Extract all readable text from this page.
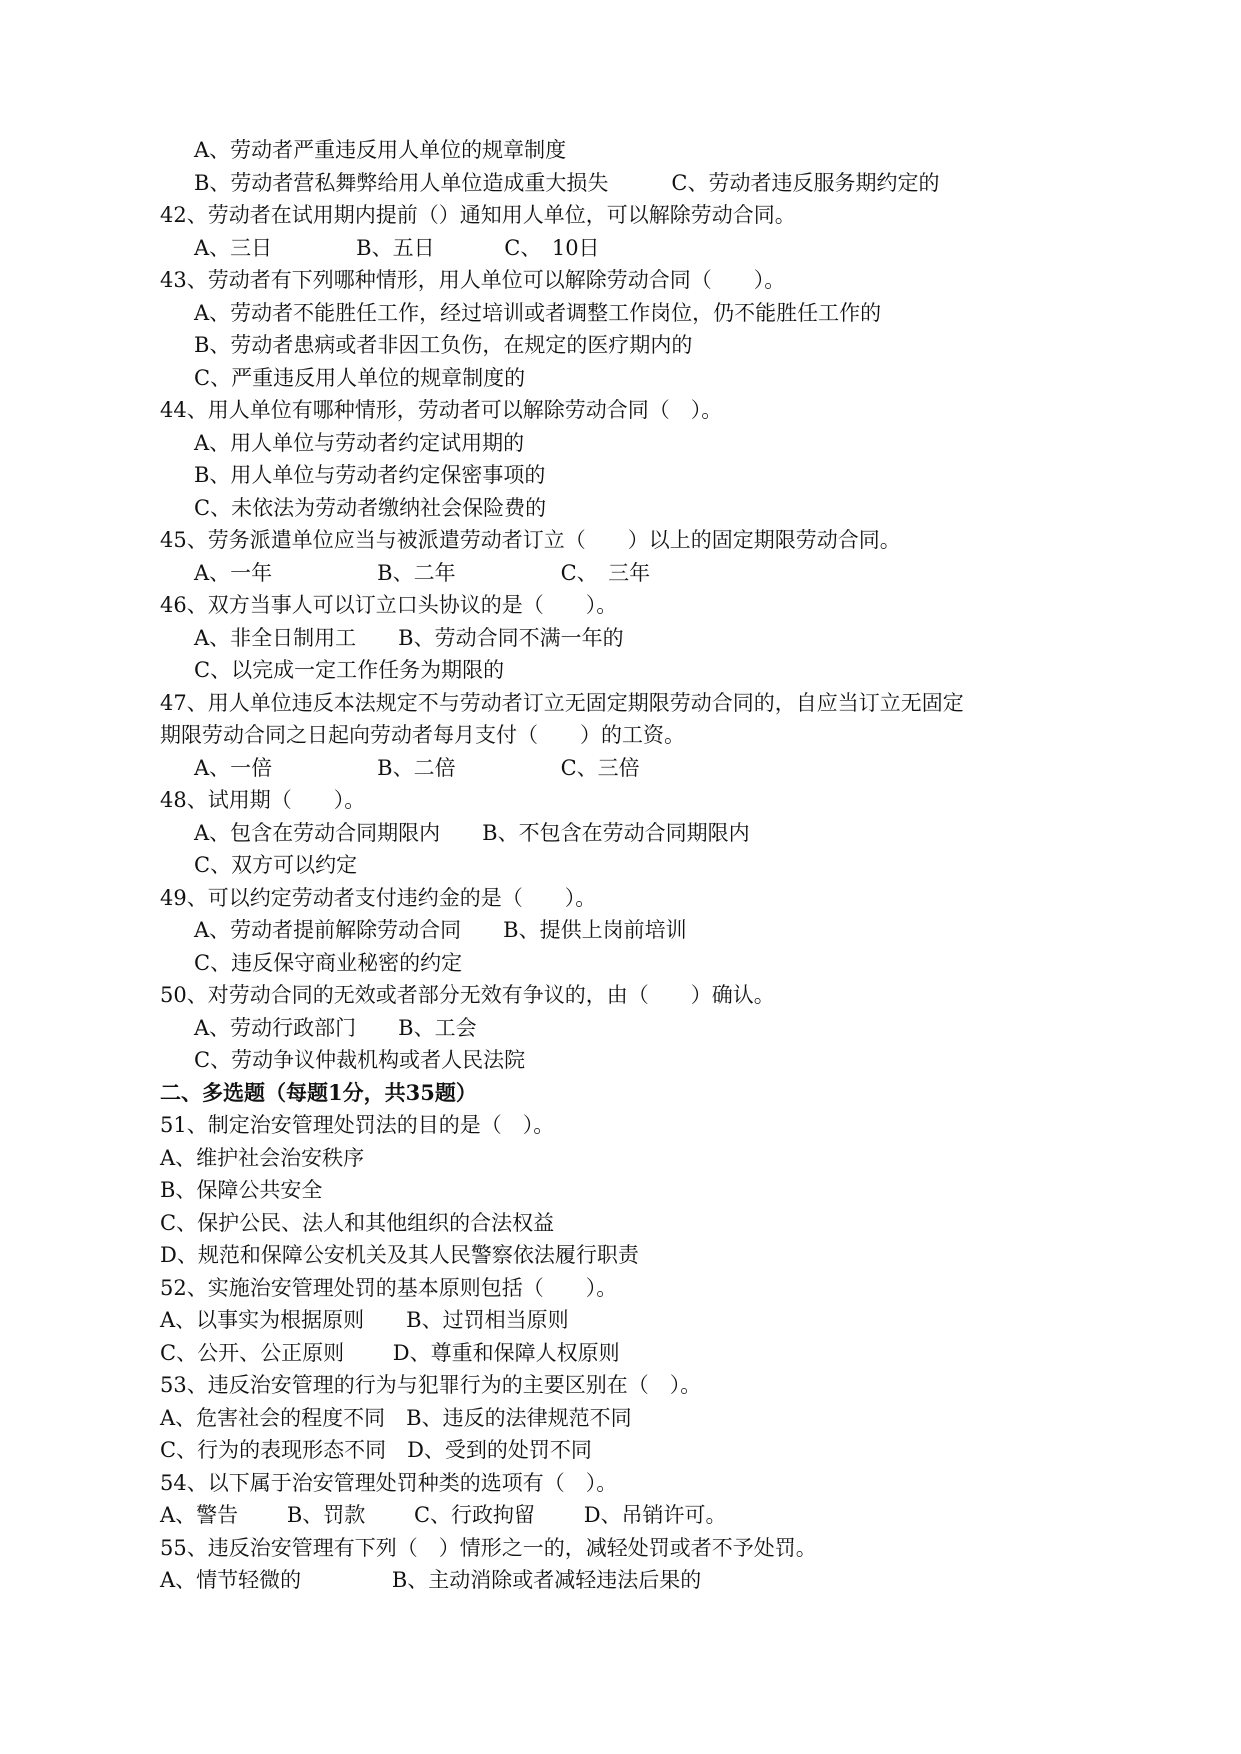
A、劳动者严重违反用人单位的规章制度
B、劳动者营私舞弊给用人单位造成重大损失　　　C、劳动者违反服务期约定的
42、劳动者在试用期内提前（）通知用人单位，可以解除劳动合同。
A、三日　　　　B、五日　　　 C、　10日
43、劳动者有下列哪种情形，用人单位可以解除劳动合同（　　）。
A、劳动者不能胜任工作，经过培训或者调整工作岗位，仍不能胜任工作的
B、劳动者患病或者非因工负伤，在规定的医疗期内的
C、严重违反用人单位的规章制度的
44、用人单位有哪种情形，劳动者可以解除劳动合同（　）。
A、用人单位与劳动者约定试用期的
B、用人单位与劳动者约定保密事项的
C、未依法为劳动者缴纳社会保险费的
45、劳务派遣单位应当与被派遣劳动者订立（　　）以上的固定期限劳动合同。
A、一年　　　　　B、二年　　　　　C、　三年
46、双方当事人可以订立口头协议的是（　　）。
A、非全日制用工　　B、劳动合同不满一年的
C、以完成一定工作任务为期限的
47、用人单位违反本法规定不与劳动者订立无固定期限劳动合同的，自应当订立无固定
期限劳动合同之日起向劳动者每月支付（　　）的工资。
A、一倍　　　　　B、二倍　　　　　C、三倍
48、试用期（　　）。
A、包含在劳动合同期限内　　B、不包含在劳动合同期限内
C、双方可以约定
49、可以约定劳动者支付违约金的是（　　）。
A、劳动者提前解除劳动合同　　B、提供上岗前培训
C、违反保守商业秘密的约定
50、对劳动合同的无效或者部分无效有争议的，由（　　）确认。
A、劳动行政部门　　B、工会
C、劳动争议仲裁机构或者人民法院
二、多选题（每题1分，共35题）
51、制定治安管理处罚法的目的是（　）。
A、维护社会治安秩序
B、保障公共安全
C、保护公民、法人和其他组织的合法权益
D、规范和保障公安机关及其人民警察依法履行职责
52、实施治安管理处罚的基本原则包括（　　）。
A、以事实为根据原则　　B、过罚相当原则
C、公开、公正原则　　 D、尊重和保障人权原则
53、违反治安管理的行为与犯罪行为的主要区别在（　）。
A、危害社会的程度不同　B、违反的法律规范不同
C、行为的表现形态不同　D、受到的处罚不同
54、以下属于治安管理处罚种类的选项有（　）。
A、警告　　 B、罚款　　 C、行政拘留　　 D、吊销许可。
55、违反治安管理有下列（　）情形之一的，减轻处罚或者不予处罚。
A、情节轻微的　　　　 B、主动消除或者减轻违法后果的
